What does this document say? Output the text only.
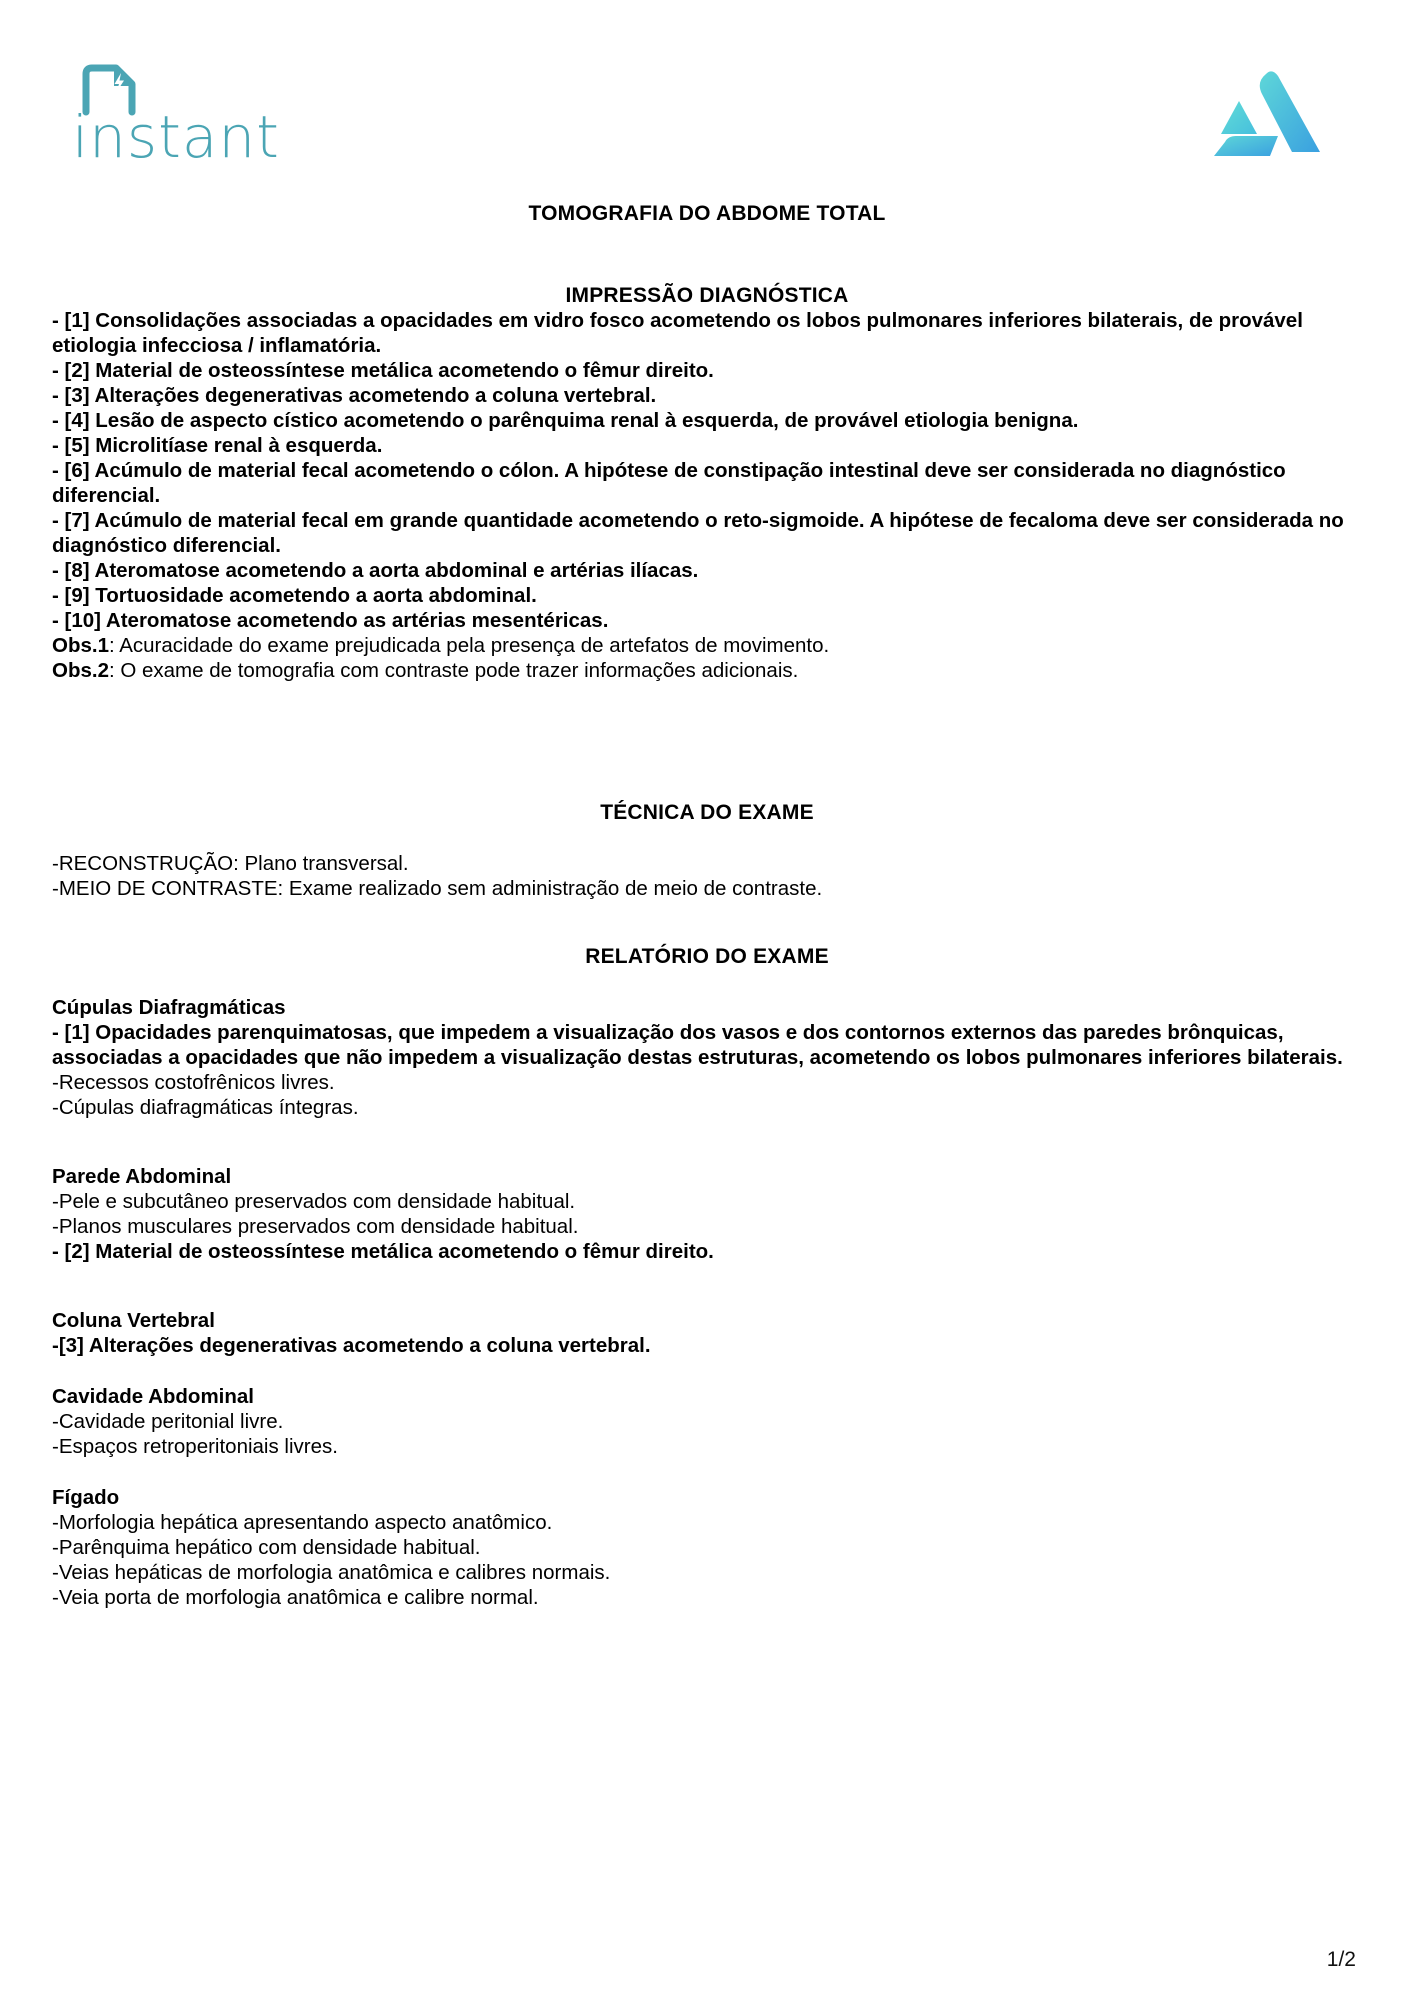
instant
TOMOGRAFIA DO ABDOME TOTAL
IMPRESSÃO DIAGNÓSTICA

- [1] Consolidações associadas a opacidades em vidro fosco acometendo os lobos pulmonares inferiores bilaterais, de provável etiologia infecciosa / inflamatória.

- [2] Material de osteossíntese metálica acometendo o fêmur direito.

- [3] Alterações degenerativas acometendo a coluna vertebral.

- [4] Lesão de aspecto cístico acometendo o parênquima renal à esquerda, de provável etiologia benigna.

- [5] Microlitíase renal à esquerda.

- [6] Acúmulo de material fecal acometendo o cólon. A hipótese de constipação intestinal deve ser considerada no diagnóstico diferencial.

- [7] Acúmulo de material fecal em grande quantidade acometendo o reto-sigmoide. A hipótese de fecaloma deve ser considerada no diagnóstico diferencial.

- [8] Ateromatose acometendo a aorta abdominal e artérias ilíacas.

- [9] Tortuosidade acometendo a aorta abdominal.

- [10] Ateromatose acometendo as artérias mesentéricas.

Obs.1: Acuracidade do exame prejudicada pela presença de artefatos de movimento.

Obs.2: O exame de tomografia com contraste pode trazer informações adicionais.

TÉCNICA DO EXAME

-RECONSTRUÇÃO: Plano transversal.

-MEIO DE CONTRASTE: Exame realizado sem administração de meio de contraste.

RELATÓRIO DO EXAME

Cúpulas Diafragmáticas

- [1] Opacidades parenquimatosas, que impedem a visualização dos vasos e dos contornos externos das paredes brônquicas, associadas a opacidades que não impedem a visualização destas estruturas, acometendo os lobos pulmonares inferiores bilaterais.

-Recessos costofrênicos livres.

-Cúpulas diafragmáticas íntegras.

Parede Abdominal

-Pele e subcutâneo preservados com densidade habitual.

-Planos musculares preservados com densidade habitual.

- [2] Material de osteossíntese metálica acometendo o fêmur direito.

Coluna Vertebral

-[3] Alterações degenerativas acometendo a coluna vertebral.

Cavidade Abdominal

-Cavidade peritonial livre.

-Espaços retroperitoniais livres.

Fígado

-Morfologia hepática apresentando aspecto anatômico.

-Parênquima hepático com densidade habitual.

-Veias hepáticas de morfologia anatômica e calibres normais.

-Veia porta de morfologia anatômica e calibre normal.

1/2
